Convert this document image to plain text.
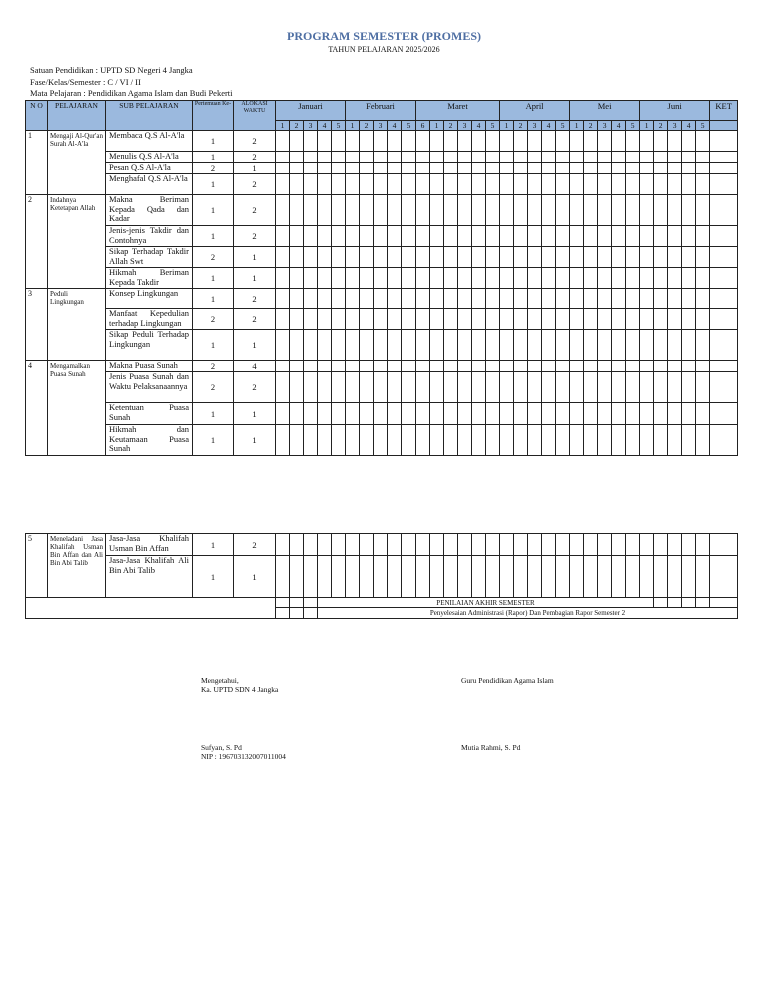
PROGRAM SEMESTER (PROMES)
TAHUN PELAJARAN 2025/2026
Satuan Pendidikan : UPTD SD Negeri 4 Jangka
Fase/Kelas/Semester : C / VI / II
Mata Pelajaran : Pendidikan Agama Islam dan Budi Pekerti
N O	PELAJARAN	SUB PELAJARAN	Pertemuan Ke-	ALOKASI WAKTU	Januari					Februari					Maret						April					Mei					Juni					KET
					1	2	3	4	5	1	2	3	4	5	6	1	2	3	4	5	1	2	3	4	5	1	2	3	4	5	1	2	3	4	5	
1	Mengaji Al-Qur'an Surah Al-A'la	Membaca Q.S Al-A'la	1	2																																
		Menulis Q.S Al-A'la	1	2																																
		Pesan Q.S Al-A'la	2	1																																
		Menghafal Q.S Al-A'la	1	2																																
2	Indahnya Ketetapan Allah	Makna Beriman Kepada Qada dan Kadar	1	2																																
		Jenis-jenis Takdir dan Contohnya	1	2																																
		Sikap Terhadap Takdir Allah Swt	2	1																																
		Hikmah Beriman Kepada Takdir	1	1																																
3	Peduli Lingkungan	Konsep Lingkungan	1	2																																
		Manfaat Kepedulian terhadap Lingkungan	2	2																																
		Sikap Peduli Terhadap Lingkungan	1	1																																
4	Mengamalkan Puasa Sunah	Makna Puasa Sunah	2	4																																
		Jenis Puasa Sunah dan Waktu Pelaksanaannya	2	2																																
		Ketentuan Puasa Sunah	1	1																																
		Hikmah dan Keutamaan Puasa Sunah	1	1																																
5	Meneladani Jasa Khalifah Usman Bin Affan dan Ali Bin Abi Talib	Jasa-Jasa Khalifah Usman Bin Affan	1	2																																
		Jasa-Jasa Khalifah Ali Bin Abi Talib	1	1																																
								PENILAIAN AKHIR SEMESTER																												
								Penyelesaian Administrasi (Rapor) Dan Pembagian Rapor Semester 2																												
Mengetahui,
Ka. UPTD SDN 4 Jangka
Guru Pendidikan Agama Islam
Sufyan, S. Pd
NIP : 196703132007011004
Mutia Rahmi, S. Pd
